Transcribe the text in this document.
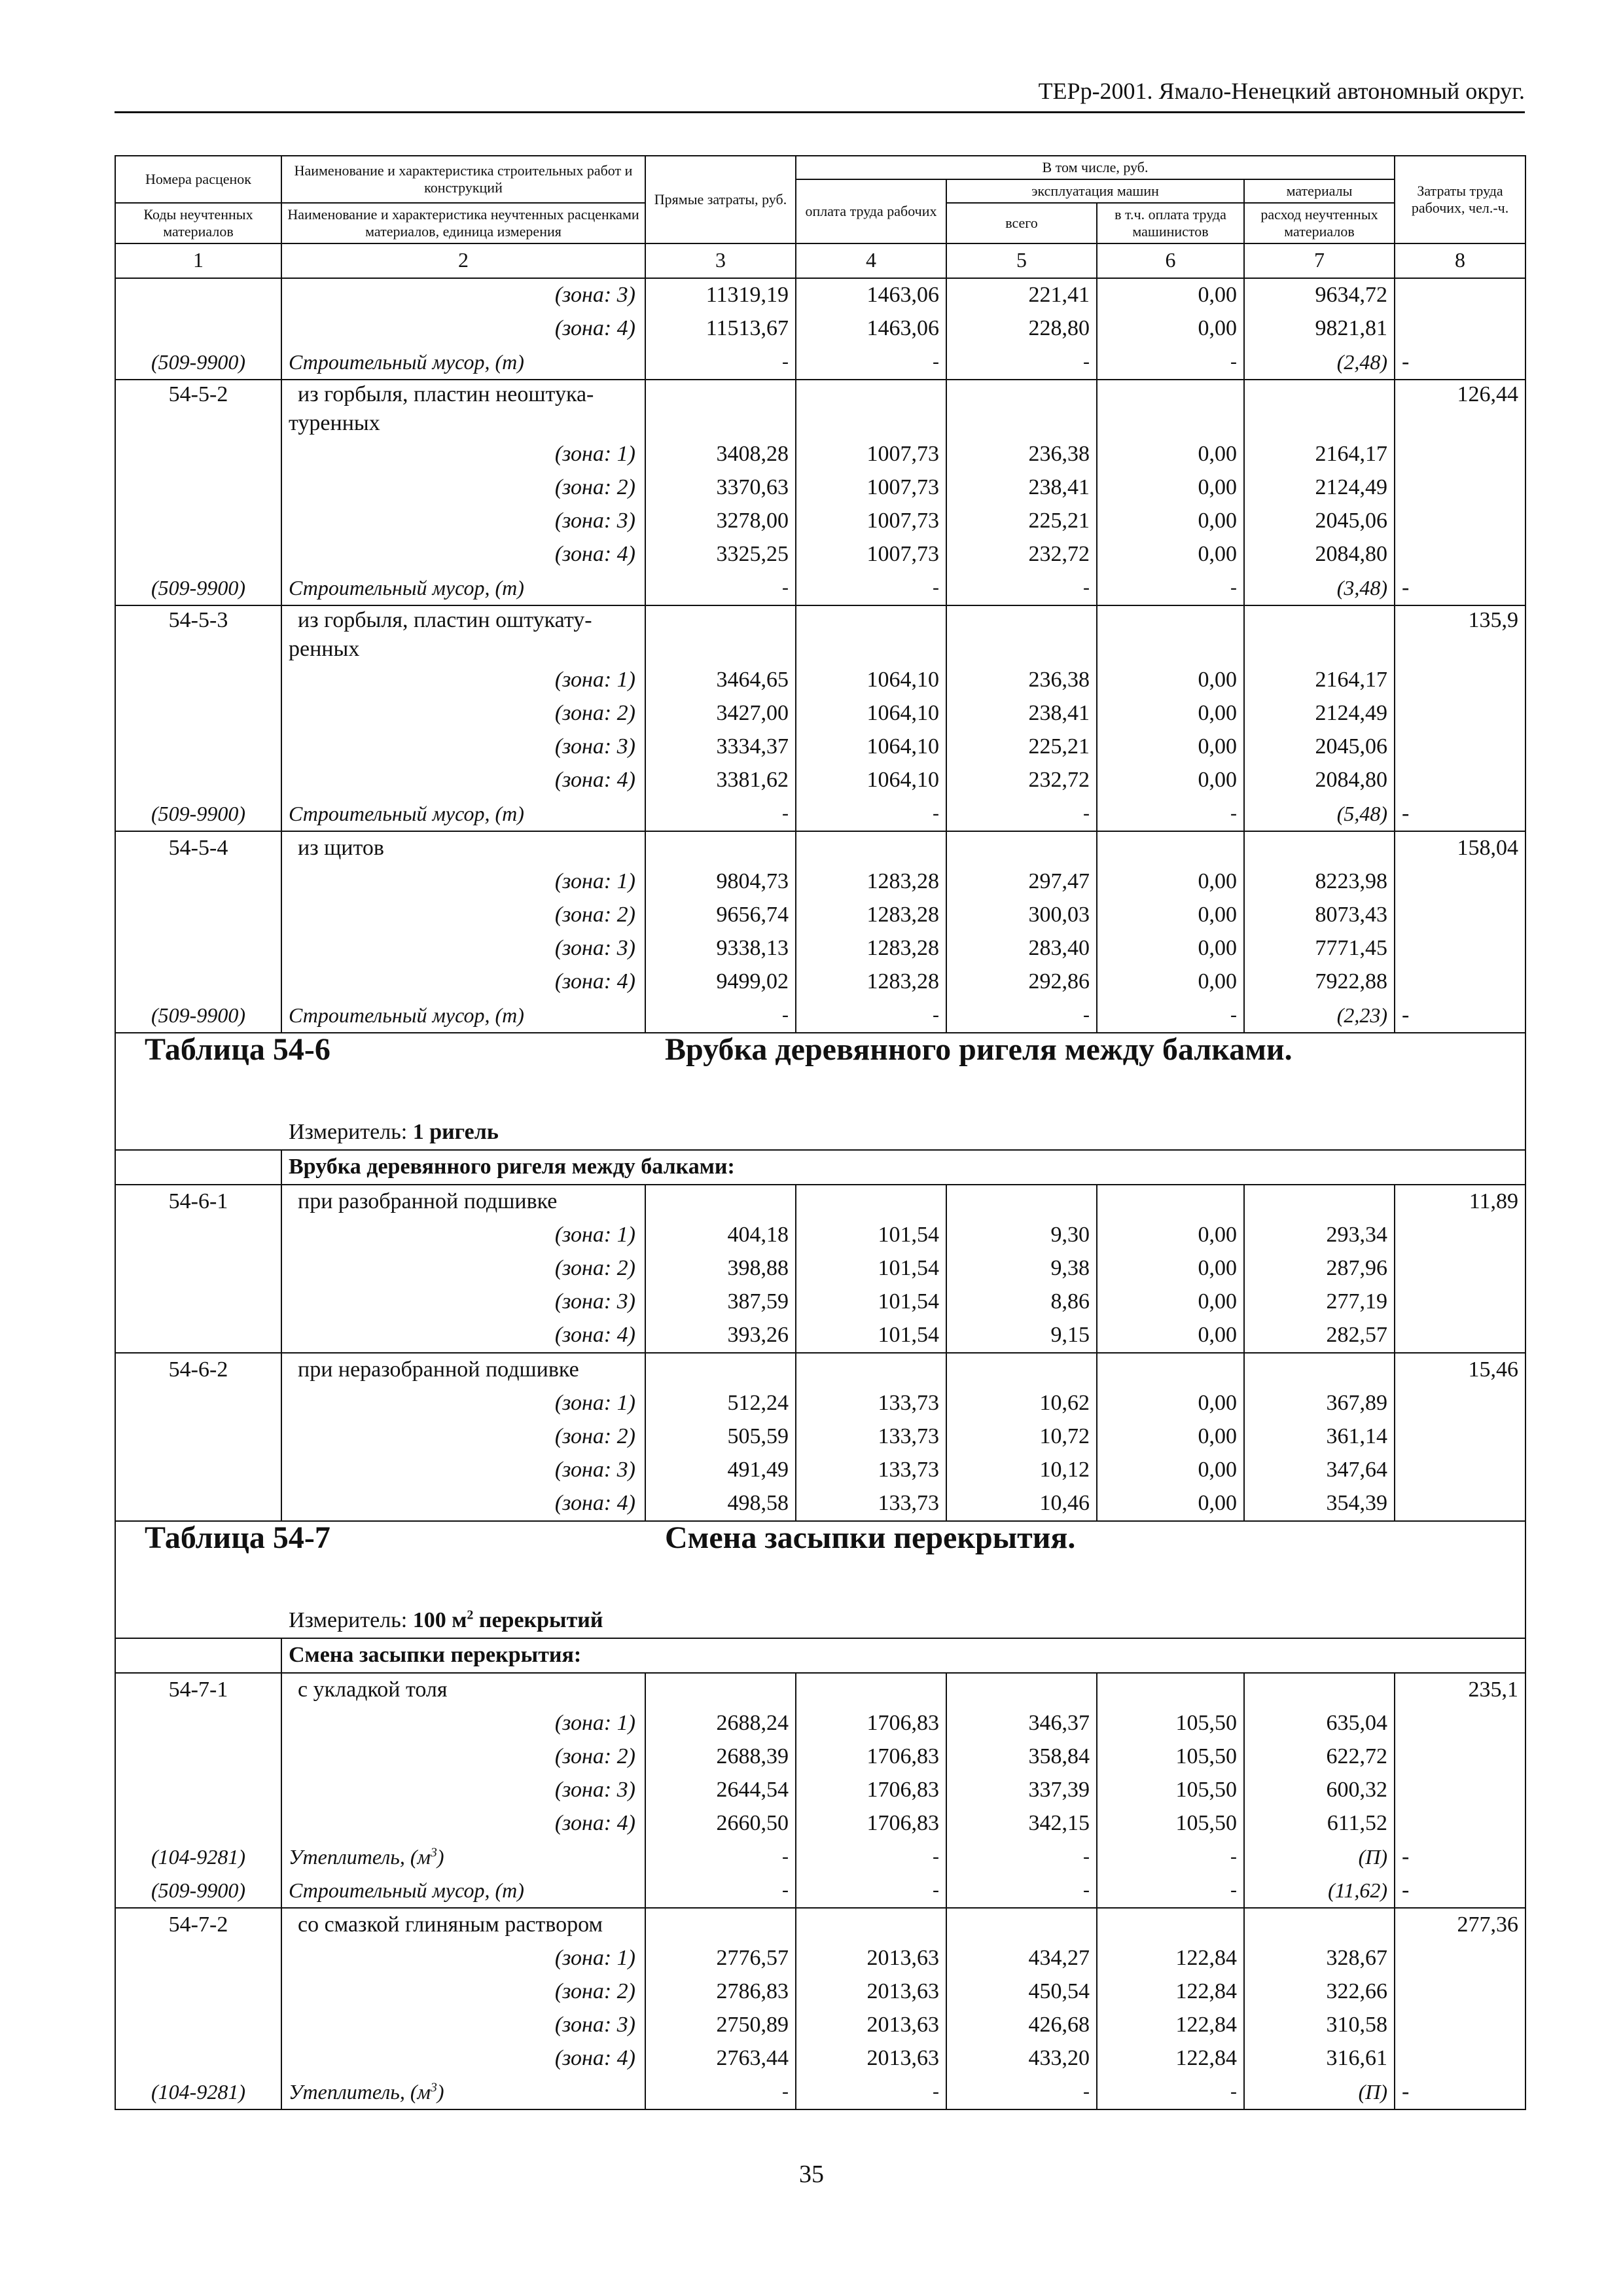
ТЕРр-2001. Ямало-Ненецкий автономный округ.
Номера расценок	Наименование и характеристика строительных работ и конструкций	Прямые затраты, руб.	В том числе, руб.				Затраты труда рабочих, чел.-ч.
			оплата труда рабочих	эксплуатация машин		материалы	
Коды неучтенных материалов	Наименование и характеристика неучтенных расценками материалов, единица измерения			всего	в т.ч. оплата труда машинистов	расход неучтенных материалов	
1	2	3	4	5	6	7	8
	(зона: 3)	11319,19	1463,06	221,41	0,00	9634,72	
	(зона: 4)	11513,67	1463,06	228,80	0,00	9821,81	
(509-9900)	Строительный мусор, (т)	-	-	-	-	(2,48)	-
54-5-2	из горбыля, пластин неоштука-
туренных						126,44
	(зона: 1)	3408,28	1007,73	236,38	0,00	2164,17	
	(зона: 2)	3370,63	1007,73	238,41	0,00	2124,49	
	(зона: 3)	3278,00	1007,73	225,21	0,00	2045,06	
	(зона: 4)	3325,25	1007,73	232,72	0,00	2084,80	
(509-9900)	Строительный мусор, (т)	-	-	-	-	(3,48)	-
54-5-3	из горбыля, пластин оштукату-
ренных						135,9
	(зона: 1)	3464,65	1064,10	236,38	0,00	2164,17	
	(зона: 2)	3427,00	1064,10	238,41	0,00	2124,49	
	(зона: 3)	3334,37	1064,10	225,21	0,00	2045,06	
	(зона: 4)	3381,62	1064,10	232,72	0,00	2084,80	
(509-9900)	Строительный мусор, (т)	-	-	-	-	(5,48)	-
54-5-4	из щитов						158,04
	(зона: 1)	9804,73	1283,28	297,47	0,00	8223,98	
	(зона: 2)	9656,74	1283,28	300,03	0,00	8073,43	
	(зона: 3)	9338,13	1283,28	283,40	0,00	7771,45	
	(зона: 4)	9499,02	1283,28	292,86	0,00	7922,88	
(509-9900)	Строительный мусор, (т)	-	-	-	-	(2,23)	-
Таблица 54-6 Врубка деревянного ригеля между балками.							
Измеритель: 1 ригель							
	Врубка деревянного ригеля между балками:						
54-6-1	при разобранной подшивке						11,89
	(зона: 1)	404,18	101,54	9,30	0,00	293,34	
	(зона: 2)	398,88	101,54	9,38	0,00	287,96	
	(зона: 3)	387,59	101,54	8,86	0,00	277,19	
	(зона: 4)	393,26	101,54	9,15	0,00	282,57	
54-6-2	при неразобранной подшивке						15,46
	(зона: 1)	512,24	133,73	10,62	0,00	367,89	
	(зона: 2)	505,59	133,73	10,72	0,00	361,14	
	(зона: 3)	491,49	133,73	10,12	0,00	347,64	
	(зона: 4)	498,58	133,73	10,46	0,00	354,39	
Таблица 54-7 Смена засыпки перекрытия.							
Измеритель: 100 $м^2$ перекрытий							
	Смена засыпки перекрытия:						
54-7-1	с укладкой толя						235,1
	(зона: 1)	2688,24	1706,83	346,37	105,50	635,04	
	(зона: 2)	2688,39	1706,83	358,84	105,50	622,72	
	(зона: 3)	2644,54	1706,83	337,39	105,50	600,32	
	(зона: 4)	2660,50	1706,83	342,15	105,50	611,52	
(104-9281)	Утеплитель, $(м^3)$	-	-	-	-	(П)	-
(509-9900)	Строительный мусор, (т)	-	-	-	-	(11,62)	-
54-7-2	со смазкой глиняным раствором						277,36
	(зона: 1)	2776,57	2013,63	434,27	122,84	328,67	
	(зона: 2)	2786,83	2013,63	450,54	122,84	322,66	
	(зона: 3)	2750,89	2013,63	426,68	122,84	310,58	
	(зона: 4)	2763,44	2013,63	433,20	122,84	316,61	
(104-9281)	Утеплитель, $(м^3)$	-	-	-	-	(П)	-
35
